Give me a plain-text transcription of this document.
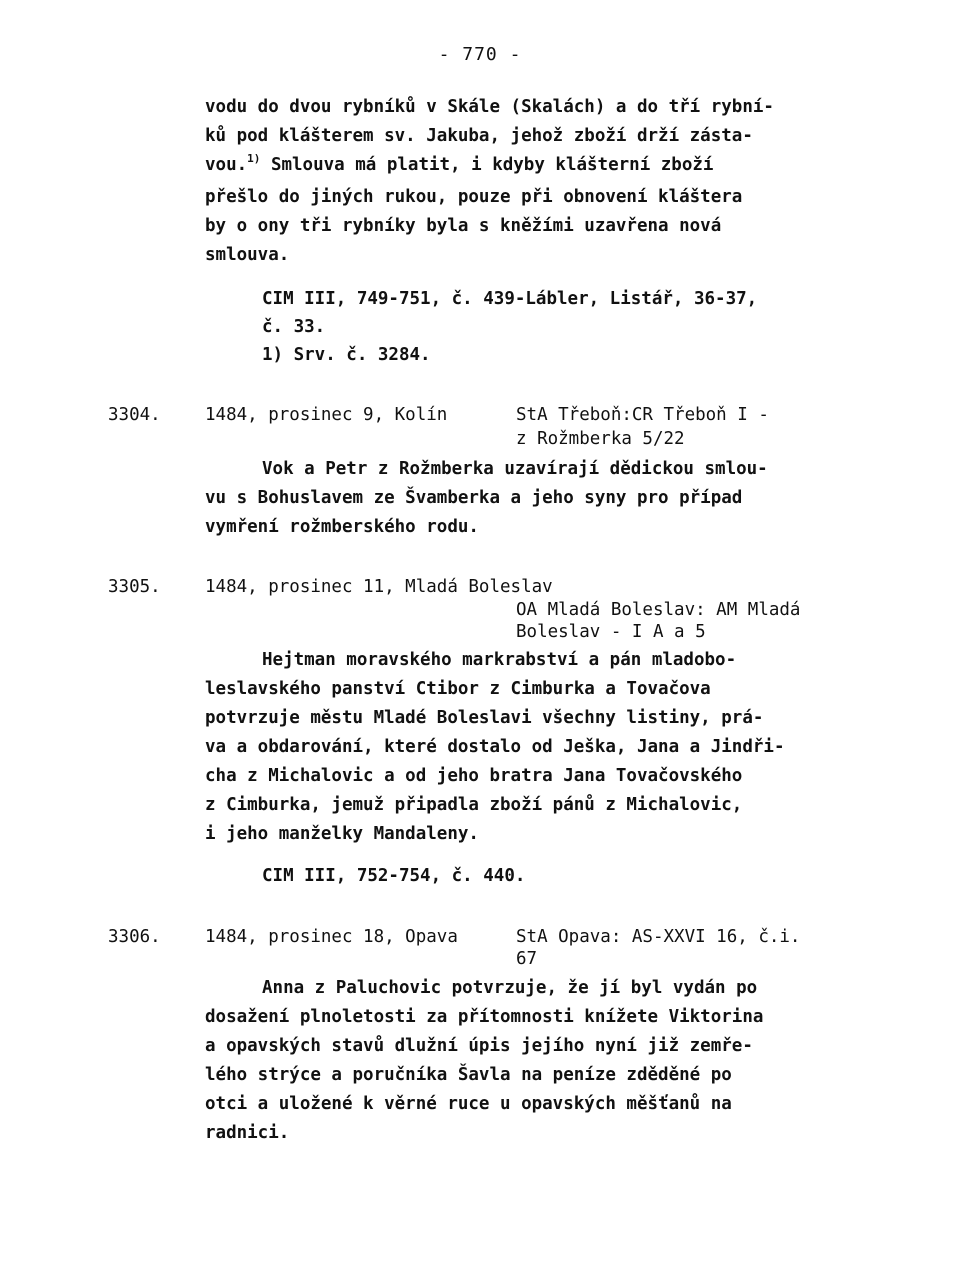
- 770 -
vodu do dvou rybníků v Skále (Skalách) a do tří rybní-
ků pod klášterem sv. Jakuba, jehož zboží drží zásta-
vou.$^{1)}$ Smlouva má platit, i kdyby klášterní zboží
přešlo do jiných rukou, pouze při obnovení kláštera
by o ony tři rybníky byla s kněžími uzavřena nová
smlouva.
CIM III, 749-751, č. 439-Lábler, Listář, 36-37,
č. 33.
1) Srv. č. 3284.
3304.	1484, prosinec 9, Kolín	StA Třeboň:CR Třeboň I -
z Rožmberka 5/22
Vok a Petr z Rožmberka uzavírají dědickou smlou-
vu s Bohuslavem ze Švamberka a jeho syny pro případ
vymření rožmberského rodu.
3305.	1484, prosinec 11, Mladá Boleslav
OA Mladá Boleslav: AM Mladá
Boleslav - I A a 5
Hejtman moravského markrabství a pán mladobo-
leslavského panství Ctibor z Cimburka a Tovačova
potvrzuje městu Mladé Boleslavi všechny listiny, prá-
va a obdarování, které dostalo od Ješka, Jana a Jindři-
cha z Michalovic a od jeho bratra Jana Tovačovského
z Cimburka, jemuž připadla zboží pánů z Michalovic,
i jeho manželky Mandaleny.
CIM III, 752-754, č. 440.
3306.	1484, prosinec 18, Opava	StA Opava: AS-XXVI 16, č.i.
67
Anna z Paluchovic potvrzuje, že jí byl vydán po
dosažení plnoletosti za přítomnosti knížete Viktorina
a opavských stavů dlužní úpis jejího nyní již zemře-
lého strýce a poručníka Šavla na peníze zděděné po
otci a uložené k věrné ruce u opavských měšťanů na
radnici.
